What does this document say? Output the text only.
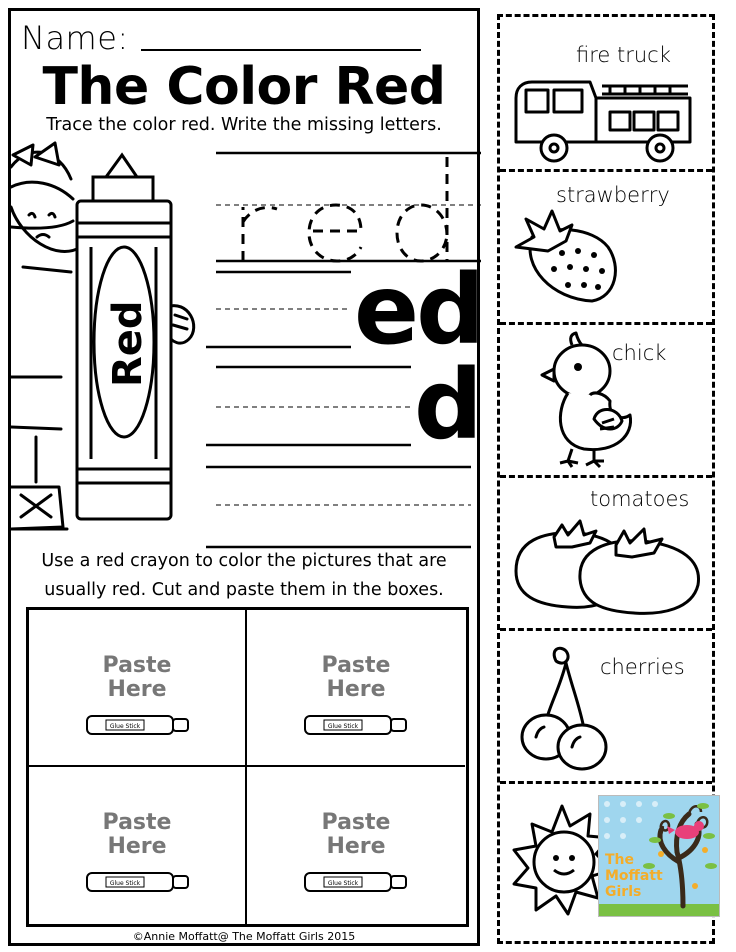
Name:
The Color Red
Trace the color red. Write the missing letters.
Red ed
d
Use a red crayon to color the pictures that are
usually red. Cut and paste them in the boxes.
Paste
Here
Glue Stick
Paste
Here
Glue Stick
Paste
Here
Glue Stick
Paste
Here
Glue Stick
©Annie Moffatt@ The Moffatt Girls 2015
fire truck
strawberry
chick
tomatoes
cherries
The
Moffatt
Girls
